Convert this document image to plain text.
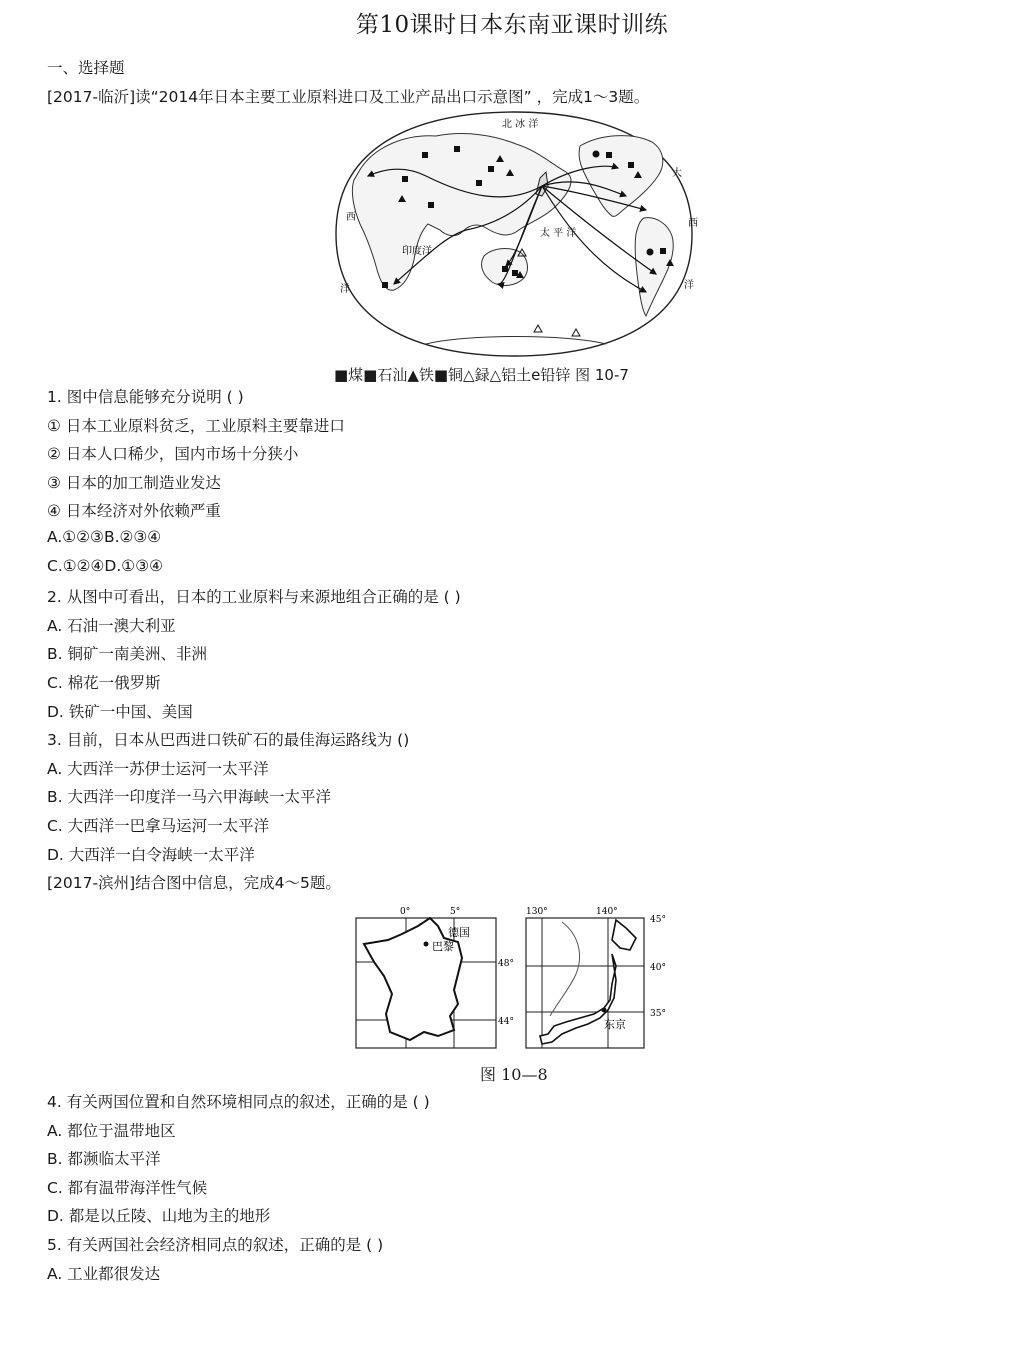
第10课时日本东南亚课时训练
一、选择题
[2017-临沂]读“2014年日本主要工业原料进口及工业产品出口示意图” ，完成1～3题。
北 冰 洋
印度洋
太 平 洋
西
洋
大
西
洋
■煤■石汕▲铁■铜△録△铝土e铅锌 图 10-7
1. 图中信息能够充分说明 ( )
① 日本工业原料贫乏，工业原料主要靠进口
② 日本人口稀少，国内市场十分狭小
③ 日本的加工制造业发达
④ 日本经济对外依赖严重
A.①②③B.②③④
C.①②④D.①③④
2. 从图中可看出，日本的工业原料与来源地组合正确的是 ( )
A. 石油一澳大利亚
B. 铜矿一南美洲、非洲
C. 棉花一俄罗斯
D. 铁矿一中国、美国
3. 目前，日本从巴西进口铁矿石的最佳海运路线为 ()
A. 大西洋一苏伊士运河一太平洋
B. 大西洋一印度洋一马六甲海峡一太平洋
C. 大西洋一巴拿马运河一太平洋
D. 大西洋一白令海峡一太平洋
[2017-滨州]结合图中信息，完成4～5题。
0°	5°
德国
巴黎
48°
44°
130°	140°
45°
40°
35°
东京
图 10—8
4. 有关两国位置和自然环境相同点的叙述，正确的是 ( )
A. 都位于温带地区
B. 都濒临太平洋
C. 都有温带海洋性气候
D. 都是以丘陵、山地为主的地形
5. 有关两国社会经济相同点的叙述，正确的是 ( )
A. 工业都很发达
